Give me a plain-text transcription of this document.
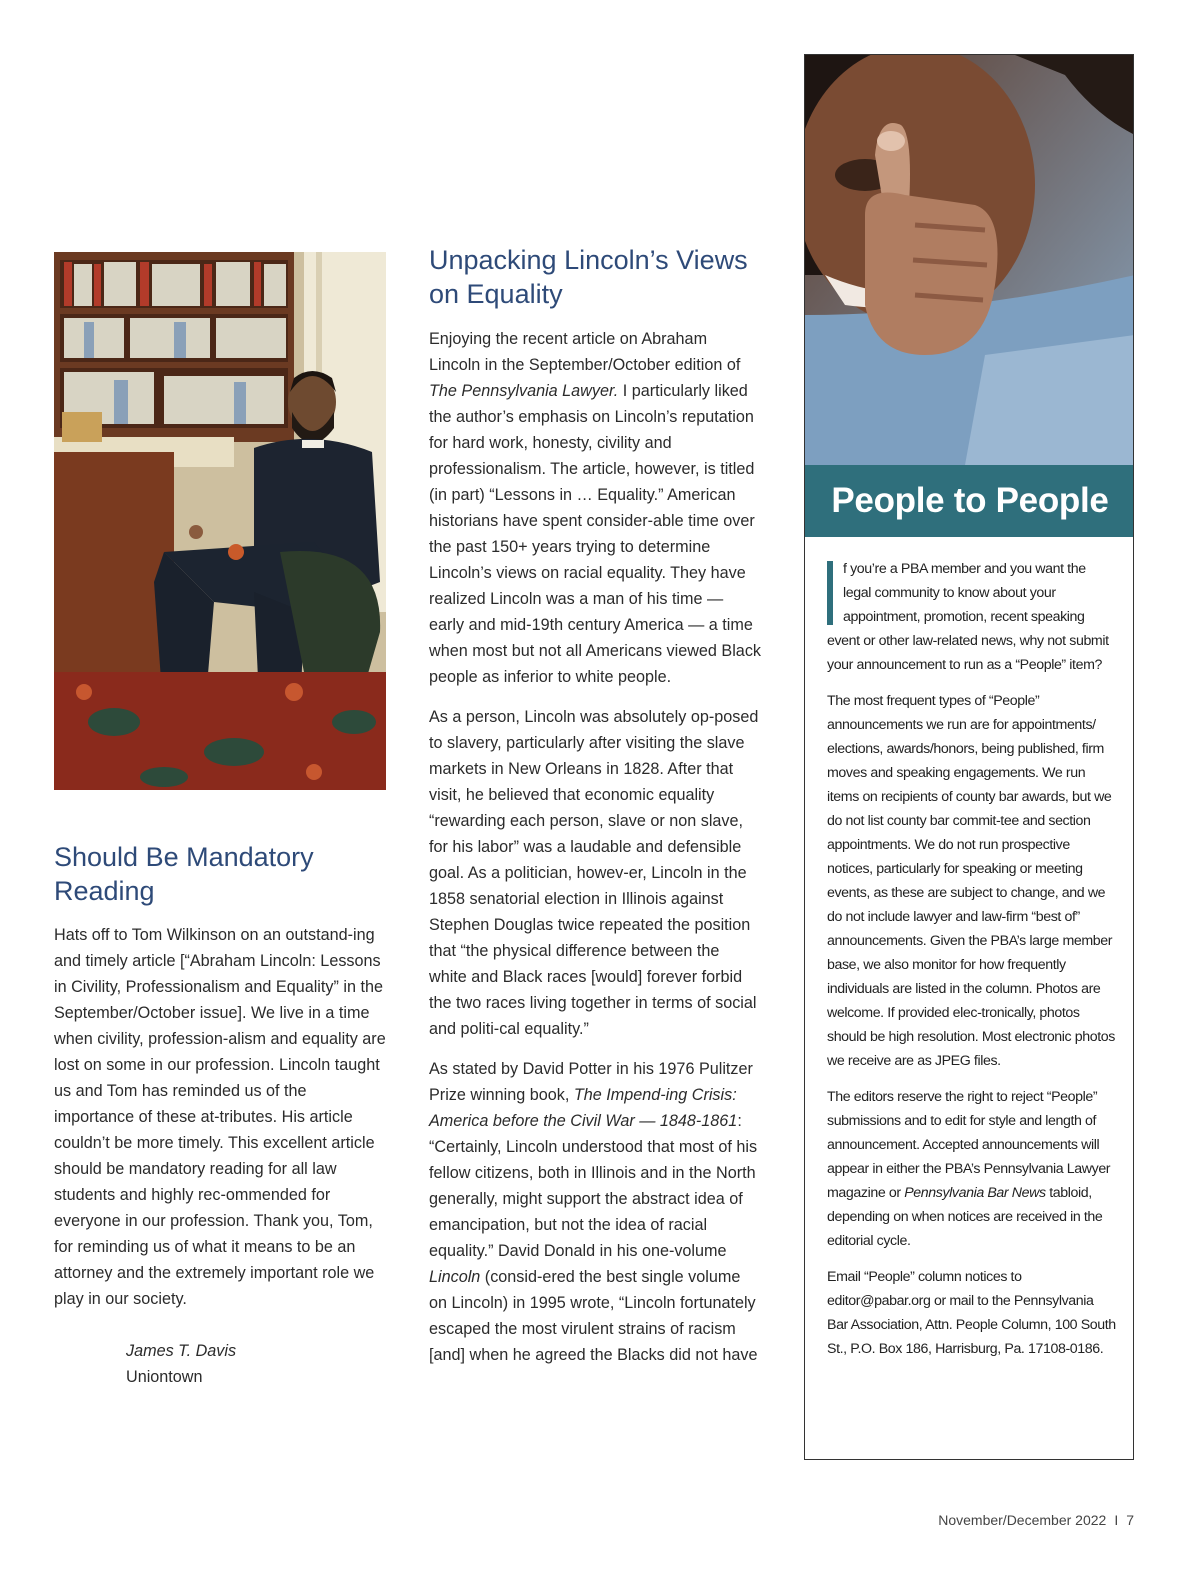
Should Be Mandatory Reading

Hats off to Tom Wilkinson on an outstand-ing and timely article [“Abraham Lincoln: Lessons in Civility, Professionalism and Equality” in the September/October issue]. We live in a time when civility, profession-alism and equality are lost on some in our profession. Lincoln taught us and Tom has reminded us of the importance of these at-tributes. His article couldn’t be more timely. This excellent article should be mandatory reading for all law students and highly rec-ommended for everyone in our profession. Thank you, Tom, for reminding us of what it means to be an attorney and the extremely important role we play in our society.

James T. Davis
Uniontown
Unpacking Lincoln’s Views on Equality

Enjoying the recent article on Abraham Lincoln in the September/October edition of The Pennsylvania Lawyer. I particularly liked the author’s emphasis on Lincoln’s reputation for hard work, honesty, civility and professionalism. The article, however, is titled (in part) “Lessons in … Equality.” American historians have spent consider-able time over the past 150+ years trying to determine Lincoln’s views on racial equality. They have realized Lincoln was a man of his time — early and mid-19th century America — a time when most but not all Americans viewed Black people as inferior to white people.

As a person, Lincoln was absolutely op-posed to slavery, particularly after visiting the slave markets in New Orleans in 1828. After that visit, he believed that economic equality “rewarding each person, slave or non slave, for his labor” was a laudable and defensible goal. As a politician, howev-er, Lincoln in the 1858 senatorial election in Illinois against Stephen Douglas twice repeated the position that “the physical difference between the white and Black races [would] forever forbid the two races living together in terms of social and politi-cal equality.”

As stated by David Potter in his 1976 Pulitzer Prize winning book, The Impend-ing Crisis: America before the Civil War — 1848-1861: “Certainly, Lincoln understood that most of his fellow citizens, both in Illinois and in the North generally, might support the abstract idea of emancipation, but not the idea of racial equality.” David Donald in his one-volume Lincoln (consid-ered the best single volume on Lincoln) in 1995 wrote, “Lincoln fortunately escaped the most virulent strains of racism [and] when he agreed the Blacks did not have

People to People

f you’re a PBA member and you want the legal community to know about your appointment, promotion, recent speaking event or other law-related news, why not submit your announcement to run as a “People” item?

The most frequent types of “People” announcements we run are for appointments/ elections, awards/honors, being published, firm moves and speaking engagements. We run items on recipients of county bar awards, but we do not list county bar commit-tee and section appointments. We do not run prospective notices, particularly for speaking or meeting events, as these are subject to change, and we do not include lawyer and law-firm “best of” announcements. Given the PBA’s large member base, we also monitor for how frequently individuals are listed in the column. Photos are welcome. If provided elec-tronically, photos should be high resolution. Most electronic photos we receive are as JPEG files.

The editors reserve the right to reject “People” submissions and to edit for style and length of announcement. Accepted announcements will appear in either the PBA’s Pennsylvania Lawyer magazine or Pennsylvania Bar News tabloid, depending on when notices are received in the editorial cycle.

Email “People” column notices to editor@pabar.org or mail to the Pennsylvania Bar Association, Attn. People Column, 100 South St., P.O. Box 186, Harrisburg, Pa. 17108-0186.

November/December 2022 I 7
